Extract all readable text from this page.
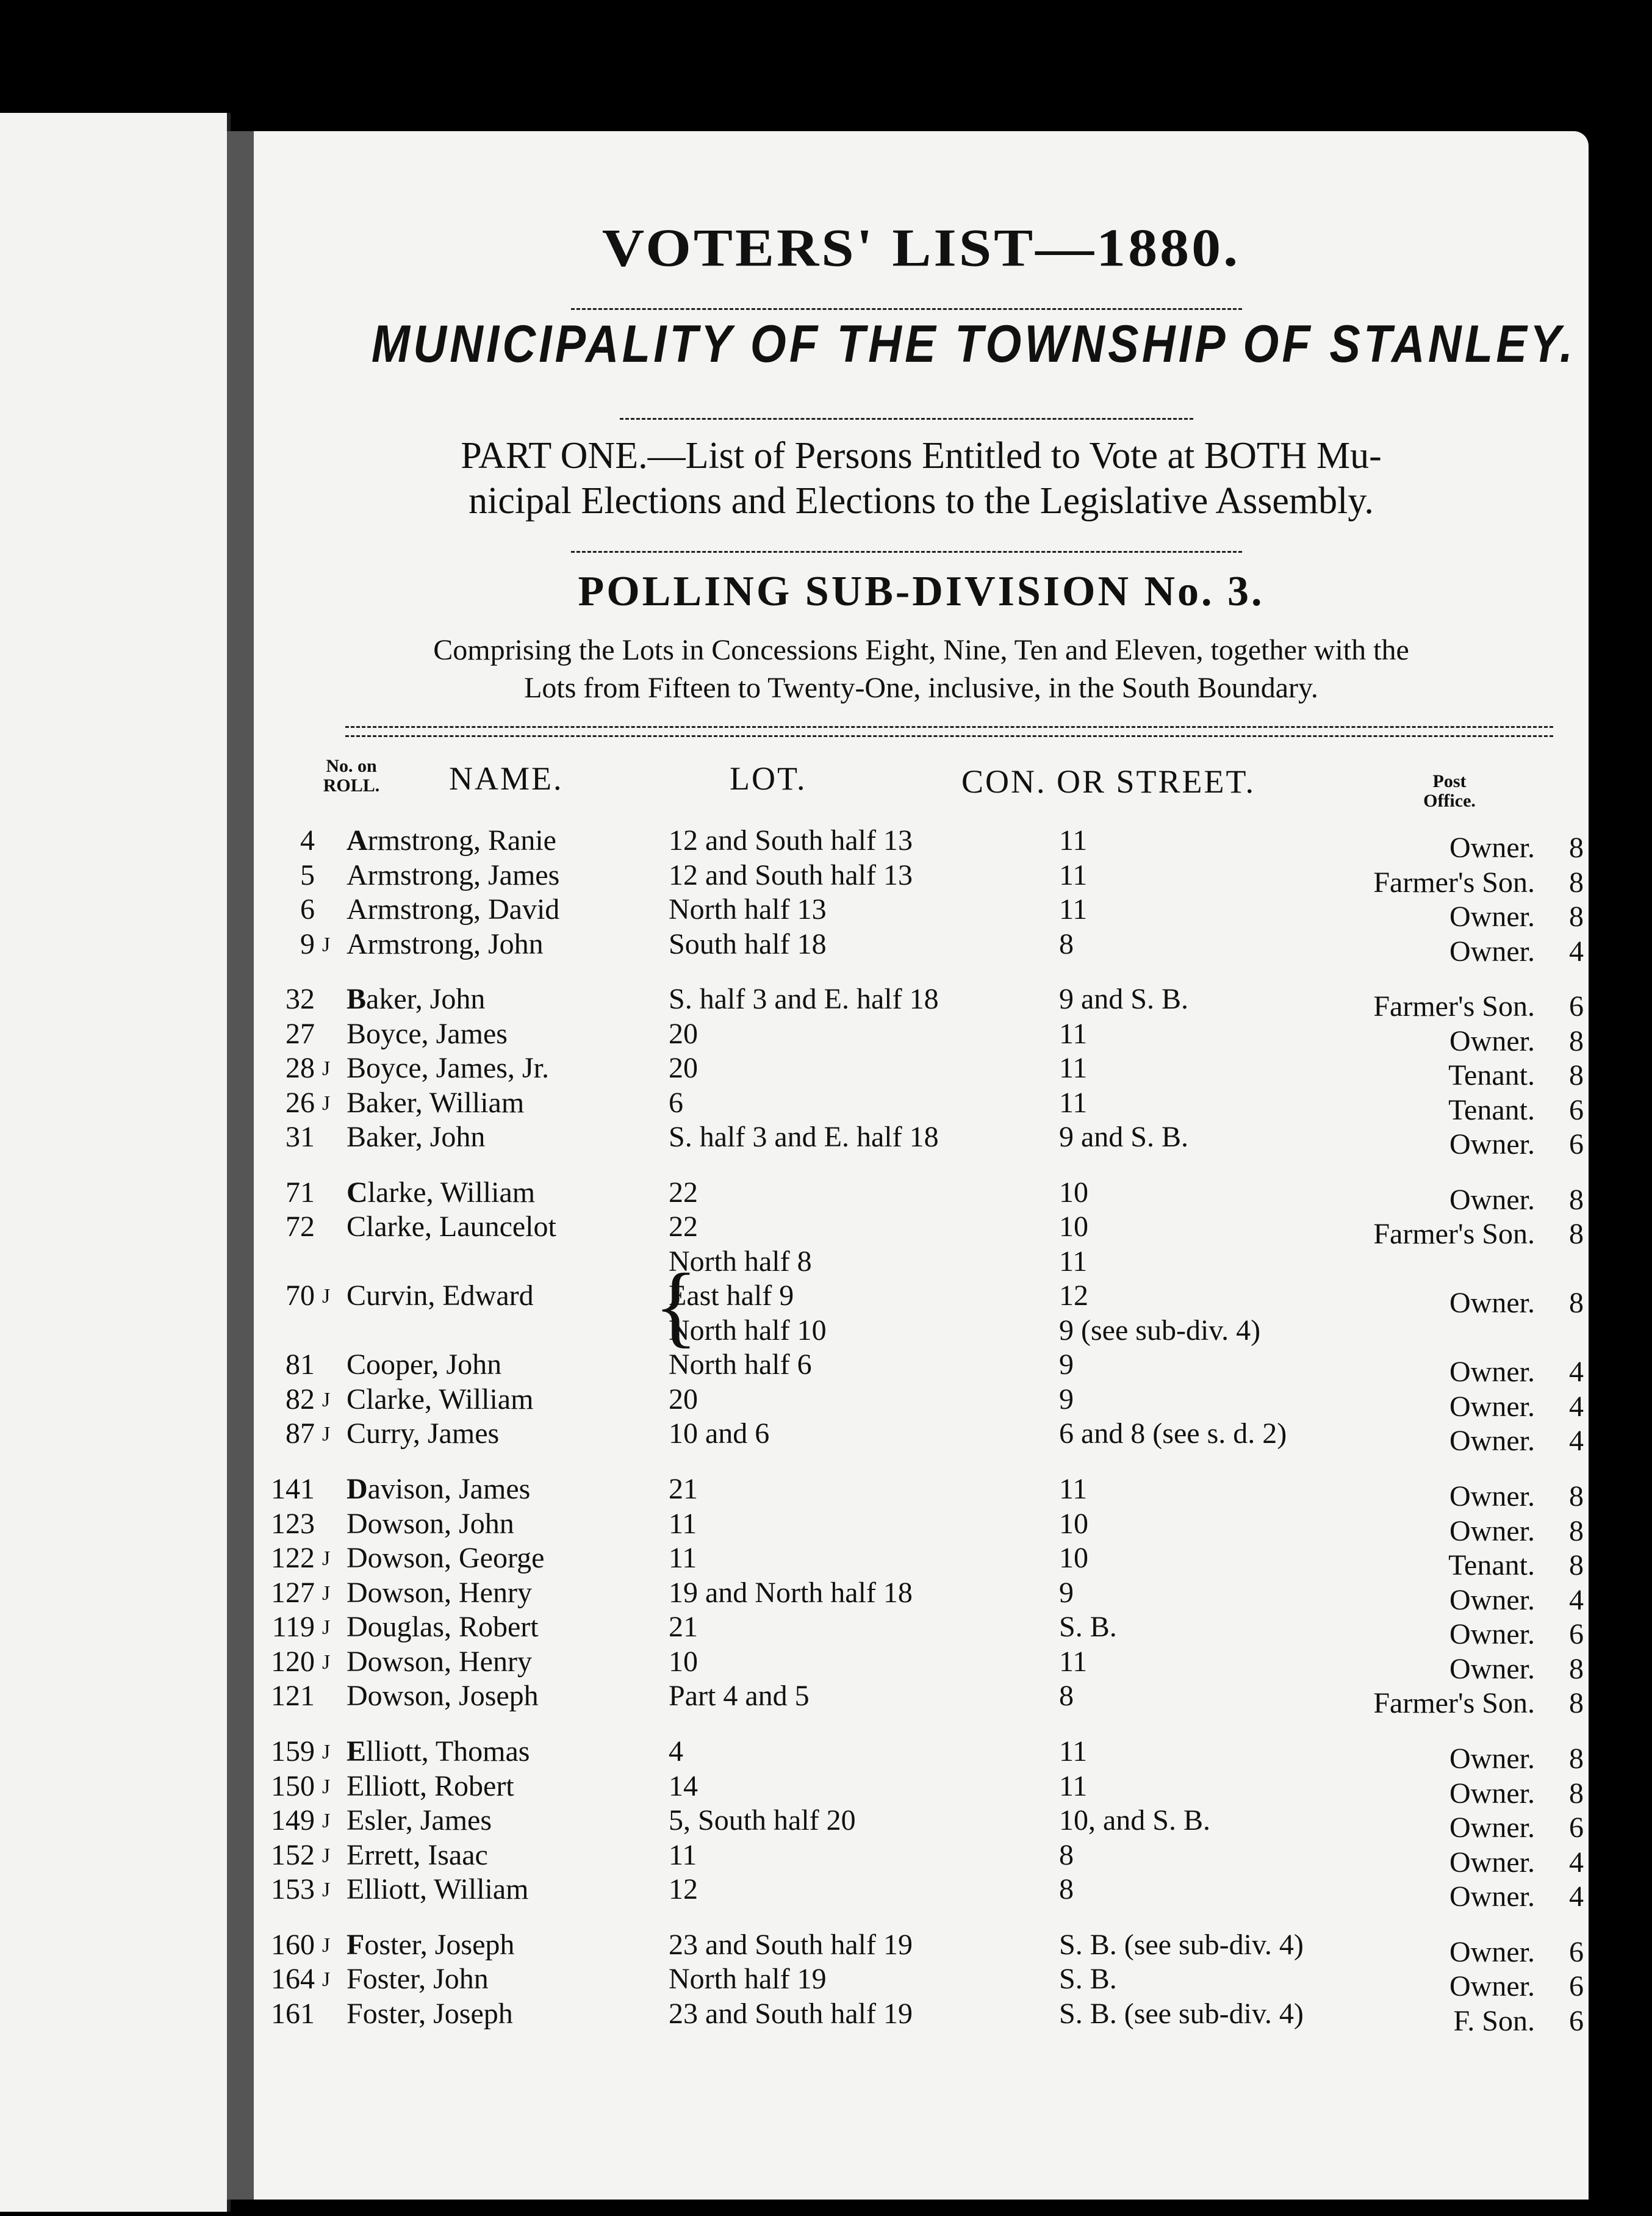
VOTERS' LIST—1880.
MUNICIPALITY OF THE TOWNSHIP OF STANLEY.
PART ONE.—List of Persons Entitled to Vote at BOTH Mu-
nicipal Elections and Elections to the Legislative Assembly.
POLLING SUB-DIVISION No. 3.
Comprising the Lots in Concessions Eight, Nine, Ten and Eleven, together with the
Lots from Fifteen to Twenty-One, inclusive, in the South Boundary.
No. on ROLL.	NAME.	LOT.	CON. OR STREET.	Post Office.
{
4 Armstrong, Ranie	12 and South half 13	11	Owner.	8
5 Armstrong, James	12 and South half 13	11	Farmer's Son.	8
6 Armstrong, David	North half 13	11	Owner.	8
9 J Armstrong, John	South half 18	8	Owner.	4
32 Baker, John	S. half 3 and E. half 18	9 and S. B.	Farmer's Son.	6
27 Boyce, James	20	11	Owner.	8
28 J Boyce, James, Jr.	20	11	Tenant.	8
26 J Baker, William	6	11	Tenant.	6
31 Baker, John	S. half 3 and E. half 18	9 and S. B.	Owner.	6
71 Clarke, William	22	10	Owner.	8
72 Clarke, Launcelot	22	10	Farmer's Son.	8
North half 8	11
70 J Curvin, Edward	East half 9	12	Owner.	8
North half 10	9 (see sub-div. 4)
81 Cooper, John	North half 6	9	Owner.	4
82 J Clarke, William	20	9	Owner.	4
87 J Curry, James	10 and 6	6 and 8 (see s. d. 2)	Owner.	4
141 Davison, James	21	11	Owner.	8
123 Dowson, John	11	10	Owner.	8
122 J Dowson, George	11	10	Tenant.	8
127 J Dowson, Henry	19 and North half 18	9	Owner.	4
119 J Douglas, Robert	21	S. B.	Owner.	6
120 J Dowson, Henry	10	11	Owner.	8
121 Dowson, Joseph	Part 4 and 5	8	Farmer's Son.	8
159 J Elliott, Thomas	4	11	Owner.	8
150 J Elliott, Robert	14	11	Owner.	8
149 J Esler, James	5, South half 20	10, and S. B.	Owner.	6
152 J Errett, Isaac	11	8	Owner.	4
153 J Elliott, William	12	8	Owner.	4
160 J Foster, Joseph	23 and South half 19	S. B. (see sub-div. 4)	Owner.	6
164 J Foster, John	North half 19	S. B.	Owner.	6
161 Foster, Joseph	23 and South half 19	S. B. (see sub-div. 4)	F. Son.	6
